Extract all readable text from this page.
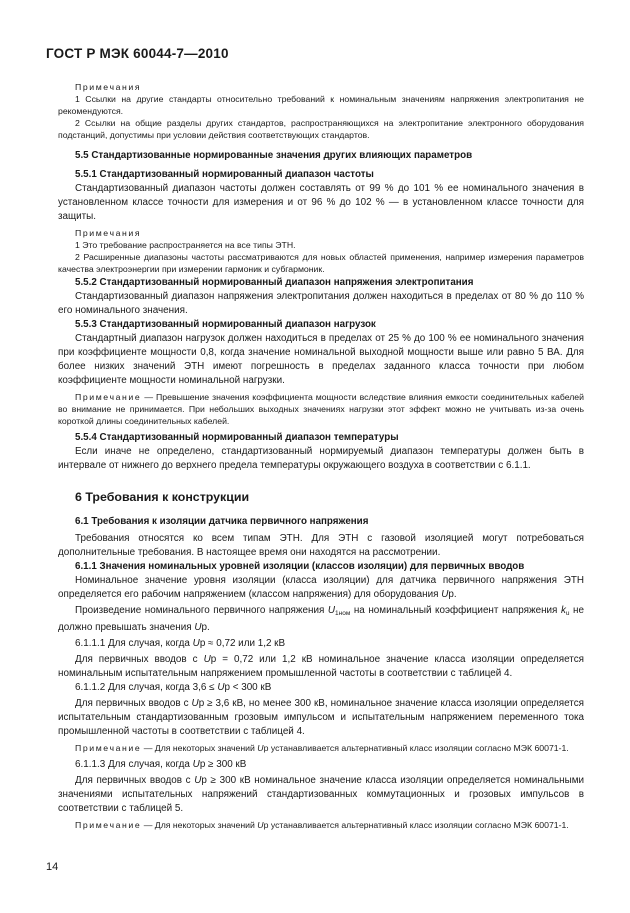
ГОСТ Р МЭК 60044-7—2010

Примечания

1 Ссылки на другие стандарты относительно требований к номинальным значениям напряжения электропитания не рекомендуются.

2 Ссылки на общие разделы других стандартов, распространяющихся на электропитание электронного оборудования подстанций, допустимы при условии действия соответствующих стандартов.

5.5 Стандартизованные нормированные значения других влияющих параметров

5.5.1 Стандартизованный нормированный диапазон частоты

Стандартизованный диапазон частоты должен составлять от 99 % до 101 % ее номинального значения в установленном классе точности для измерения и от 96 % до 102 % — в установленном классе точности для защиты.

Примечания

1 Это требование распространяется на все типы ЭТН.

2 Расширенные диапазоны частоты рассматриваются для новых областей применения, например измерения параметров качества электроэнергии при измерении гармоник и субгармоник.

5.5.2 Стандартизованный нормированный диапазон напряжения электропитания

Стандартизованный диапазон напряжения электропитания должен находиться в пределах от 80 % до 110 % его номинального значения.

5.5.3 Стандартизованный нормированный диапазон нагрузок

Стандартный диапазон нагрузок должен находиться в пределах от 25 % до 100 % ее номинального значения при коэффициенте мощности 0,8, когда значение номинальной выходной мощности выше или равно 5 ВА. Для более низких значений ЭТН имеют погрешность в пределах заданного класса точности при любом коэффициенте мощности номинальной нагрузки.

Примечание — Превышение значения коэффициента мощности вследствие влияния емкости соединительных кабелей во внимание не принимается. При небольших выходных значениях нагрузки этот эффект можно не учитывать из-за очень короткой длины соединительных кабелей.

5.5.4 Стандартизованный нормированный диапазон температуры

Если иначе не определено, стандартизованный нормируемый диапазон температуры должен быть в интервале от нижнего до верхнего предела температуры окружающего воздуха в соответствии с 6.1.1.

6 Требования к конструкции

6.1 Требования к изоляции датчика первичного напряжения

Требования относятся ко всем типам ЭТН. Для ЭТН с газовой изоляцией могут потребоваться дополнительные требования. В настоящее время они находятся на рассмотрении.

6.1.1 Значения номинальных уровней изоляции (классов изоляции) для первичных вводов

Номинальное значение уровня изоляции (класса изоляции) для датчика первичного напряжения ЭТН определяется его рабочим напряжением (классом напряжения) для оборудования Uр.

Произведение номинального первичного напряжения $U_{1ном}$ на номинальный коэффициент напряжения $k_u$ не должно превышать значения Uр.

6.1.1.1 Для случая, когда Uр ≈ 0,72 или 1,2 кВ

Для первичных вводов с Uр = 0,72 или 1,2 кВ номинальное значение класса изоляции определяется номинальным испытательным напряжением промышленной частоты в соответствии с таблицей 4.

6.1.1.2 Для случая, когда 3,6 ≤ Uр < 300 кВ

Для первичных вводов с Uр ≥ 3,6 кВ, но менее 300 кВ, номинальное значение класса изоляции определяется испытательным стандартизованным грозовым импульсом и испытательным напряжением переменного тока промышленной частоты в соответствии с таблицей 4.

Примечание — Для некоторых значений Uр устанавливается альтернативный класс изоляции согласно МЭК 60071-1.

6.1.1.3 Для случая, когда Uр ≥ 300 кВ

Для первичных вводов с Uр ≥ 300 кВ номинальное значение класса изоляции определяется номинальными значениями испытательных напряжений стандартизованных коммутационных и грозовых импульсов в соответствии с таблицей 5.

Примечание — Для некоторых значений Uр устанавливается альтернативный класс изоляции согласно МЭК 60071-1.

14
